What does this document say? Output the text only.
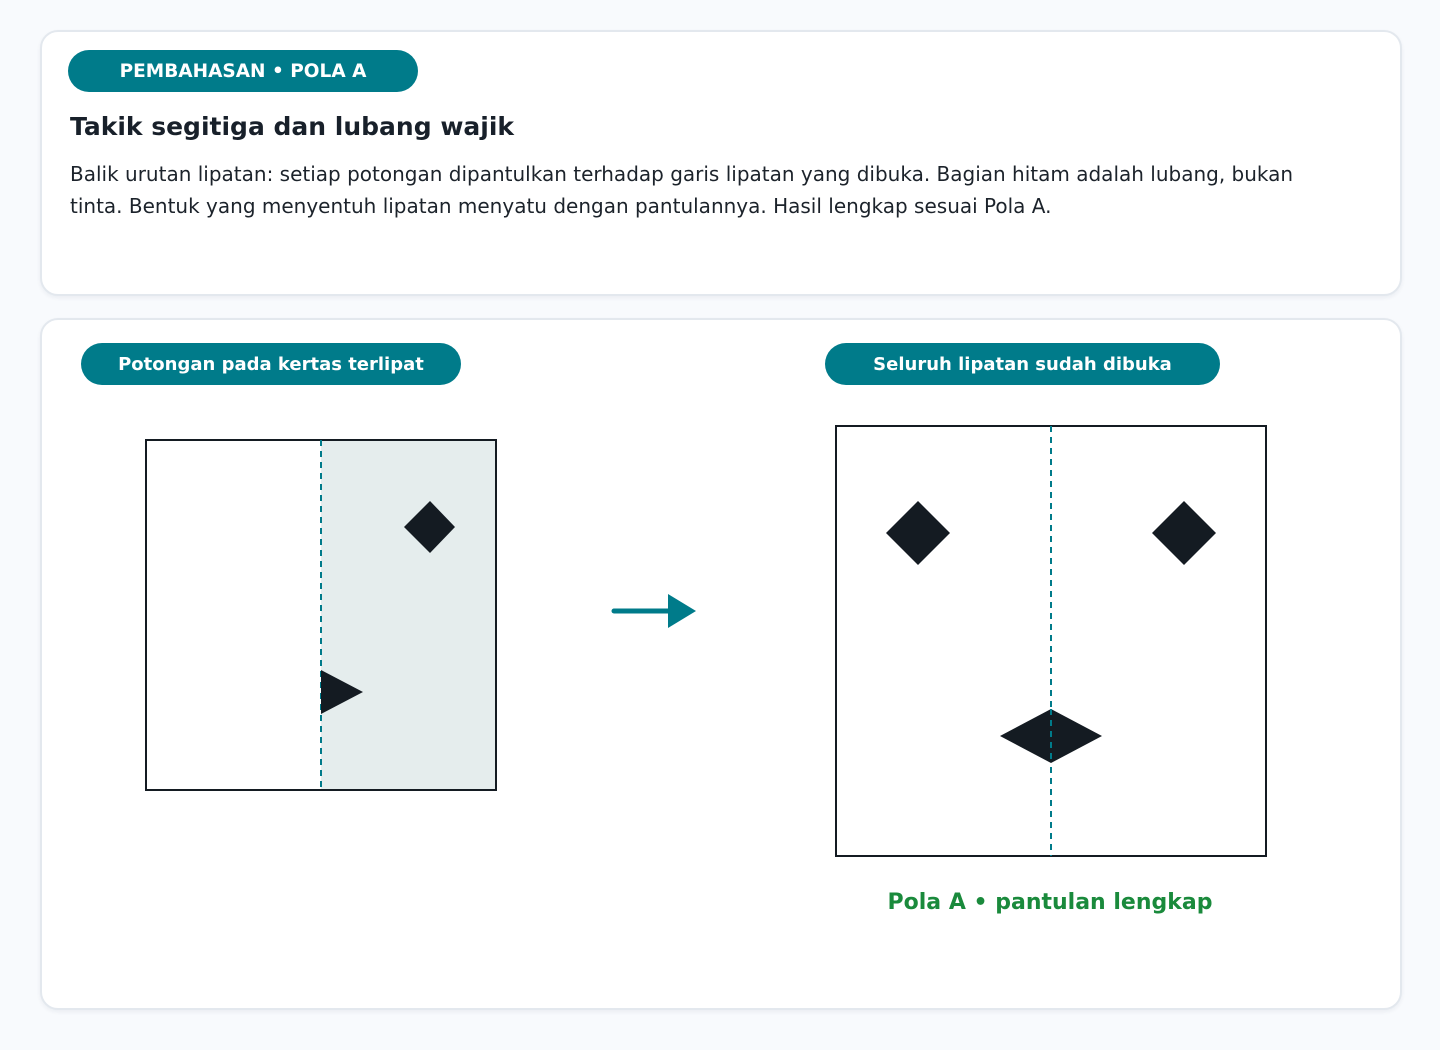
PEMBAHASAN • POLA A
Takik segitiga dan lubang wajik

Balik urutan lipatan: setiap potongan dipantulkan terhadap garis lipatan yang dibuka. Bagian hitam adalah lubang, bukan tinta. Bentuk yang menyentuh lipatan menyatu dengan pantulannya. Hasil lengkap sesuai Pola A.

Potongan pada kertas terlipat	Seluruh lipatan sudah dibuka
Pola A • pantulan lengkap
